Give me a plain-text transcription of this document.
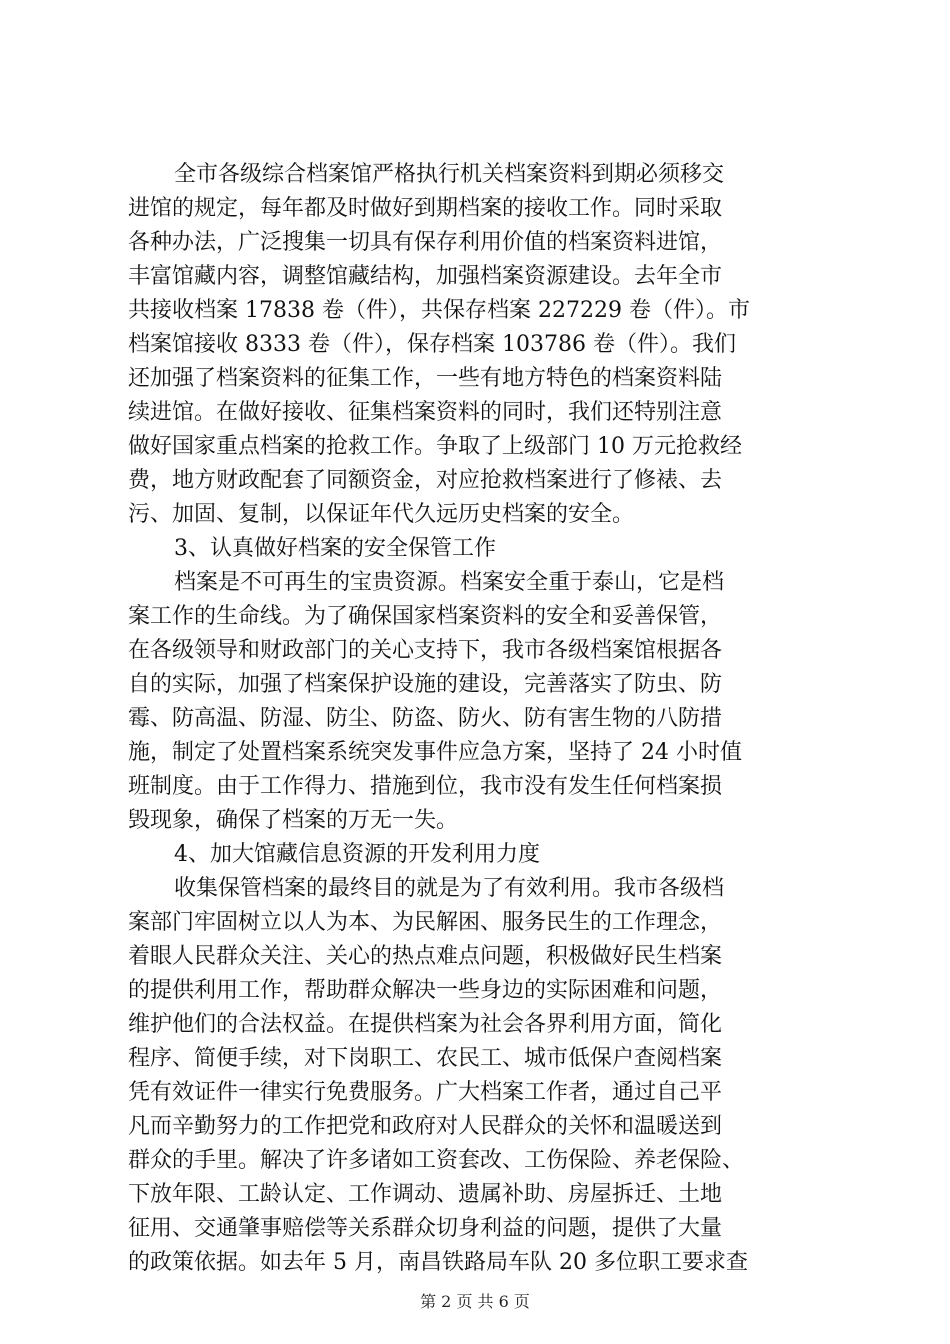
全市各级综合档案馆严格执行机关档案资料到期必须移交
进馆的规定，每年都及时做好到期档案的接收工作。同时采取
各种办法，广泛搜集一切具有保存利用价值的档案资料进馆，
丰富馆藏内容，调整馆藏结构，加强档案资源建设。去年全市
共接收档案 17838 卷（件），共保存档案 227229 卷（件）。市
档案馆接收 8333 卷（件），保存档案 103786 卷（件）。我们
还加强了档案资料的征集工作，一些有地方特色的档案资料陆
续进馆。在做好接收、征集档案资料的同时，我们还特别注意
做好国家重点档案的抢救工作。争取了上级部门 10 万元抢救经
费，地方财政配套了同额资金，对应抢救档案进行了修裱、去
污、加固、复制，以保证年代久远历史档案的安全。
3、认真做好档案的安全保管工作
档案是不可再生的宝贵资源。档案安全重于泰山，它是档
案工作的生命线。为了确保国家档案资料的安全和妥善保管，
在各级领导和财政部门的关心支持下，我市各级档案馆根据各
自的实际，加强了档案保护设施的建设，完善落实了防虫、防
霉、防高温、防湿、防尘、防盗、防火、防有害生物的八防措
施，制定了处置档案系统突发事件应急方案，坚持了 24 小时值
班制度。由于工作得力、措施到位，我市没有发生任何档案损
毁现象，确保了档案的万无一失。
4、加大馆藏信息资源的开发利用力度
收集保管档案的最终目的就是为了有效利用。我市各级档
案部门牢固树立以人为本、为民解困、服务民生的工作理念，
着眼人民群众关注、关心的热点难点问题，积极做好民生档案
的提供利用工作，帮助群众解决一些身边的实际困难和问题，
维护他们的合法权益。在提供档案为社会各界利用方面，简化
程序、简便手续，对下岗职工、农民工、城市低保户查阅档案
凭有效证件一律实行免费服务。广大档案工作者，通过自己平
凡而辛勤努力的工作把党和政府对人民群众的关怀和温暖送到
群众的手里。解决了许多诸如工资套改、工伤保险、养老保险、
下放年限、工龄认定、工作调动、遗属补助、房屋拆迁、土地
征用、交通肇事赔偿等关系群众切身利益的问题，提供了大量
的政策依据。如去年 5 月，南昌铁路局车队 20 多位职工要求查
第 2 页 共 6 页
